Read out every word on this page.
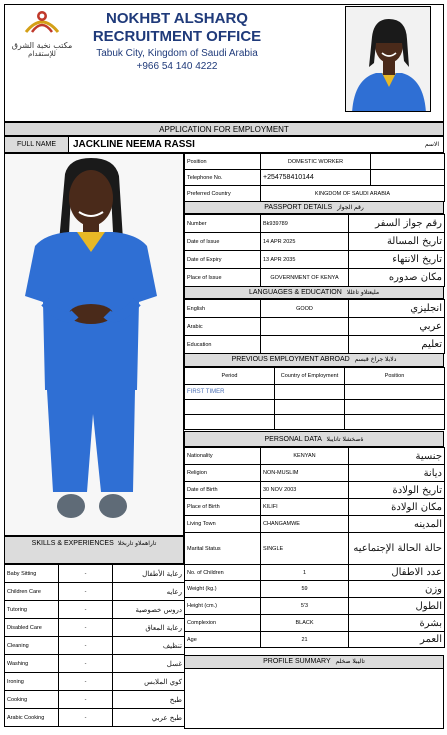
مكتب نخبة الشرق
للإستقدام
NOKHBT ALSHARQ
RECRUITMENT OFFICE
Tabuk City, Kingdom of Saudi Arabia
+966 54 140 4222
APPLICATION FOR EMPLOYMENT
FULL NAME	JACKLINE NEEMA RASSI	الاسم
Position	DOMESTIC WORKER	
Telephone No.	+254758410144	
Preferred Country	KINGDOM OF SAUDI ARABIA	
PASSPORT DETAILS رقم الجواز
Number	Bk939789	رقم جواز السفر
Date of Issue	14 APR 2025	تاريخ المسالة
Date of Expiry	13 APR 2035	تاريخ الانتهاء
Place of Issue	GOVERNMENT OF KENYA	مكان صدوره
LANGUAGES & EDUCATION مليعتلاو تاغللا
English	GOOD	انجليزي
Arabic		عربي
Education		تعليم
PREVIOUS EMPLOYMENT ABROAD دلابلا جراخ قبسم
Period	Country of Employment	Position
FIRST TIMER		

PERSONAL DATA ةصخشلا تانايبلا
Nationality	KENYAN	جنسية
Religion	NON-MUSLIM	ديانة
Date of Birth	30 NOV 2003	تاريخ الولادة
Place of Birth	KILIFI	مكان الولادة
Living Town	CHANGAMWE	المدينه
Marital Status	SINGLE	حالة الحالة الإجتماعيه
No. of Children	1	عدد الاطفال
Weight (kg.)	59	وزن
Height (cm.)	5'3	الطول
Complexion	BLACK	بشرة
Age	21	العمر
PROFILE SUMMARY تاليبلا صخلم
SKILLS & EXPERIENCES تاراهملاو تاربخلا
Baby Sitting	-	رعاية الأطفال
Children Care	-	رعايه
Tutoring	-	دروس خصوصية
Disabled Care	-	رعاية المعاق
Cleaning	-	تنظيف
Washing	-	غسل
Ironing	-	كوي الملابس
Cooking	-	طبخ
Arabic Cooking	-	طبخ عربي
